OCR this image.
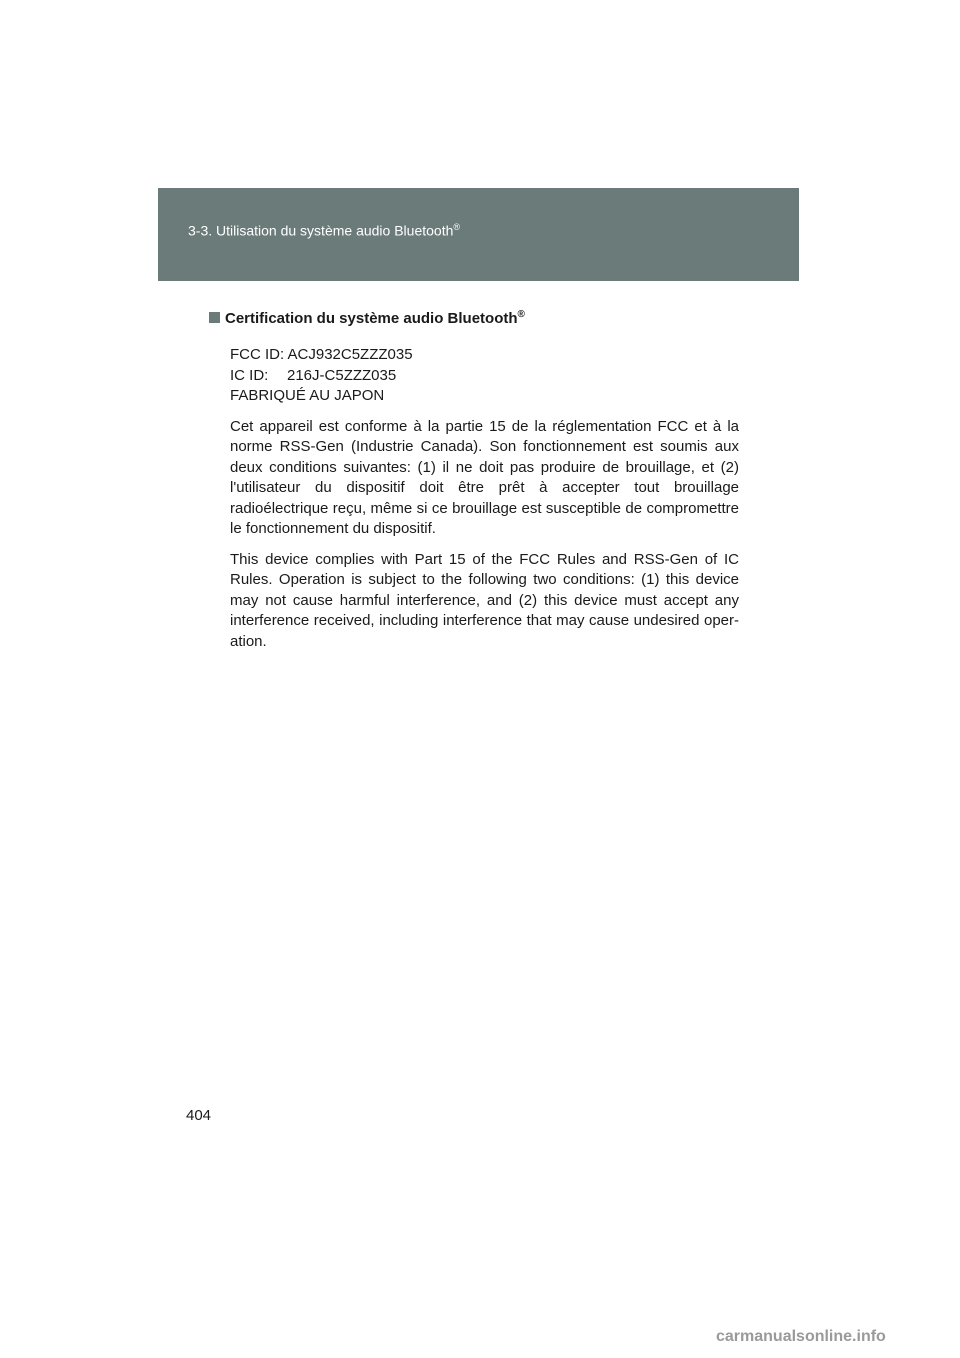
3-3. Utilisation du système audio Bluetooth®
Certification du système audio Bluetooth®
FCC ID: ACJ932C5ZZZ035
IC ID: 216J-C5ZZZ035
FABRIQUÉ AU JAPON

Cet appareil est conforme à la partie 15 de la réglementation FCC et à la norme RSS-Gen (Industrie Canada). Son fonctionnement est soumis aux deux conditions suivantes: (1) il ne doit pas produire de brouillage, et (2) l'utilisateur du dispositif doit être prêt à accepter tout brouillage radioélectrique reçu, même si ce brouillage est susceptible de compromettre le fonctionnement du dispositif.

This device complies with Part 15 of the FCC Rules and RSS-Gen of IC Rules. Operation is subject to the following two conditions: (1) this device may not cause harmful interference, and (2) this device must accept any interference received, including interference that may cause undesired oper- ation.

404
carmanualsonline.info
